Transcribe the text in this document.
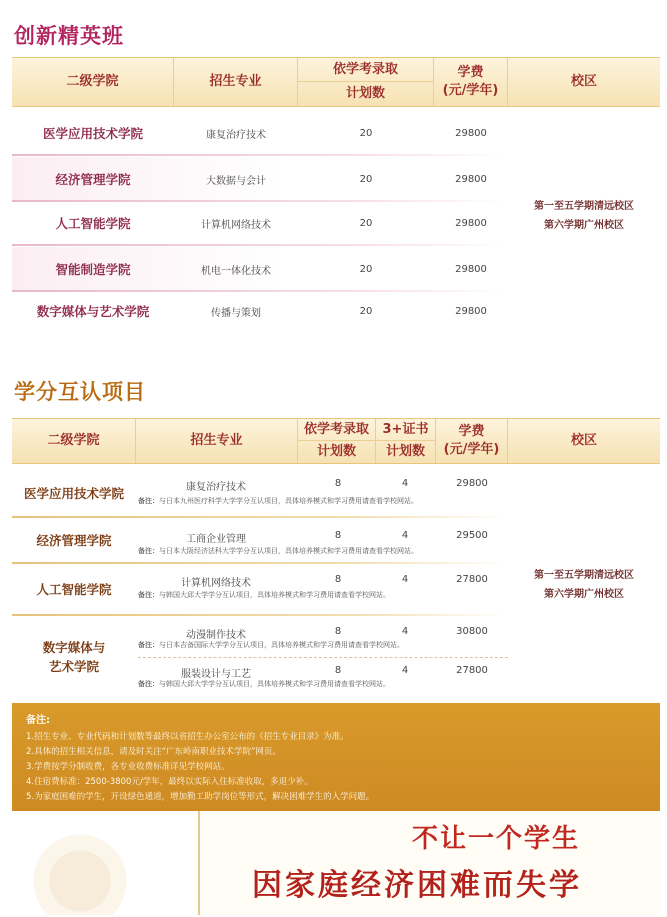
创新精英班
二级学院	招生专业
依学考录取
计划数
学费
(元/学年)
校区
医学应用技术学院	康复治疗技术	20	29800
经济管理学院	大数据与会计	20	29800
人工智能学院	计算机网络技术	20	29800
智能制造学院	机电一体化技术	20	29800
数字媒体与艺术学院	传播与策划	20	29800
第一至五学期清远校区
第六学期广州校区
学分互认项目
二级学院	招生专业
依学考录取
计划数
3+证书
计划数
学费
(元/学年)
校区
医学应用技术学院	康复治疗技术	8	4	29800
备注：与日本九州医疗科学大学学分互认项目，具体培养模式和学习费用请查看学校网站。
经济管理学院	工商企业管理	8	4	29500
备注：与日本大阪经济法科大学学分互认项目，具体培养模式和学习费用请查看学校网站。
人工智能学院	计算机网络技术	8	4	27800
备注：与韩国大邱大学学分互认项目，具体培养模式和学习费用请查看学校网站。
数字媒体与
艺术学院
动漫制作技术	8	4	30800
备注：与日本吉备国际大学学分互认项目，具体培养模式和学习费用请查看学校网站。
服装设计与工艺	8	4	27800
备注：与韩国大邱大学学分互认项目，具体培养模式和学习费用请查看学校网站。
第一至五学期清远校区
第六学期广州校区
备注:
1.招生专业、专业代码和计划数等最终以省招生办公室公布的《招生专业目录》为准。
2.具体的招生相关信息，请及时关注“广东岭南职业技术学院”网页。
3.学费按学分制收费，各专业收费标准详见学校网站。
4.住宿费标准：2500-3800元/学年，最终以实际入住标准收取，多退少补。
5.为家庭困难的学生，开设绿色通道，增加勤工助学岗位等形式，解决困难学生的入学问题。
不让一个学生
因家庭经济困难而失学
